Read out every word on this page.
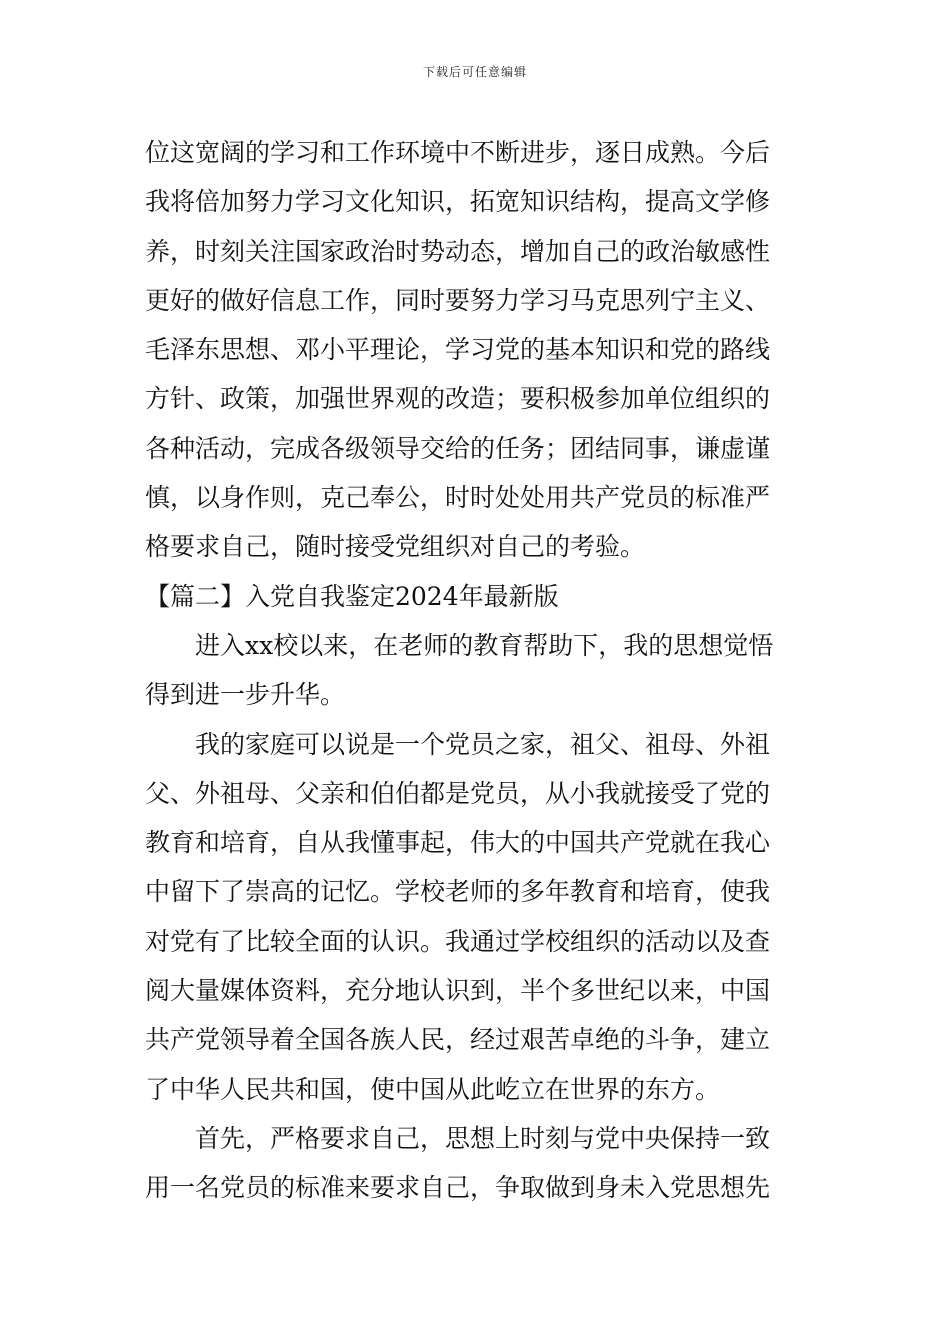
下载后可任意编辑
位这宽阔的学习和工作环境中不断进步，逐日成熟。今后
我将倍加努力学习文化知识，拓宽知识结构，提高文学修
养，时刻关注国家政治时势动态，增加自己的政治敏感性
更好的做好信息工作，同时要努力学习马克思列宁主义、
毛泽东思想、邓小平理论，学习党的基本知识和党的路线
方针、政策，加强世界观的改造；要积极参加单位组织的
各种活动，完成各级领导交给的任务；团结同事，谦虚谨
慎，以身作则，克己奉公，时时处处用共产党员的标准严
格要求自己，随时接受党组织对自己的考验。
【篇二】入党自我鉴定2024年最新版
　　进入xx校以来，在老师的教育帮助下，我的思想觉悟
得到进一步升华。
　　我的家庭可以说是一个党员之家，祖父、祖母、外祖
父、外祖母、父亲和伯伯都是党员，从小我就接受了党的
教育和培育，自从我懂事起，伟大的中国共产党就在我心
中留下了崇高的记忆。学校老师的多年教育和培育，使我
对党有了比较全面的认识。我通过学校组织的活动以及查
阅大量媒体资料，充分地认识到，半个多世纪以来，中国
共产党领导着全国各族人民，经过艰苦卓绝的斗争，建立
了中华人民共和国，使中国从此屹立在世界的东方。
　　首先，严格要求自己，思想上时刻与党中央保持一致
用一名党员的标准来要求自己，争取做到身未入党思想先
